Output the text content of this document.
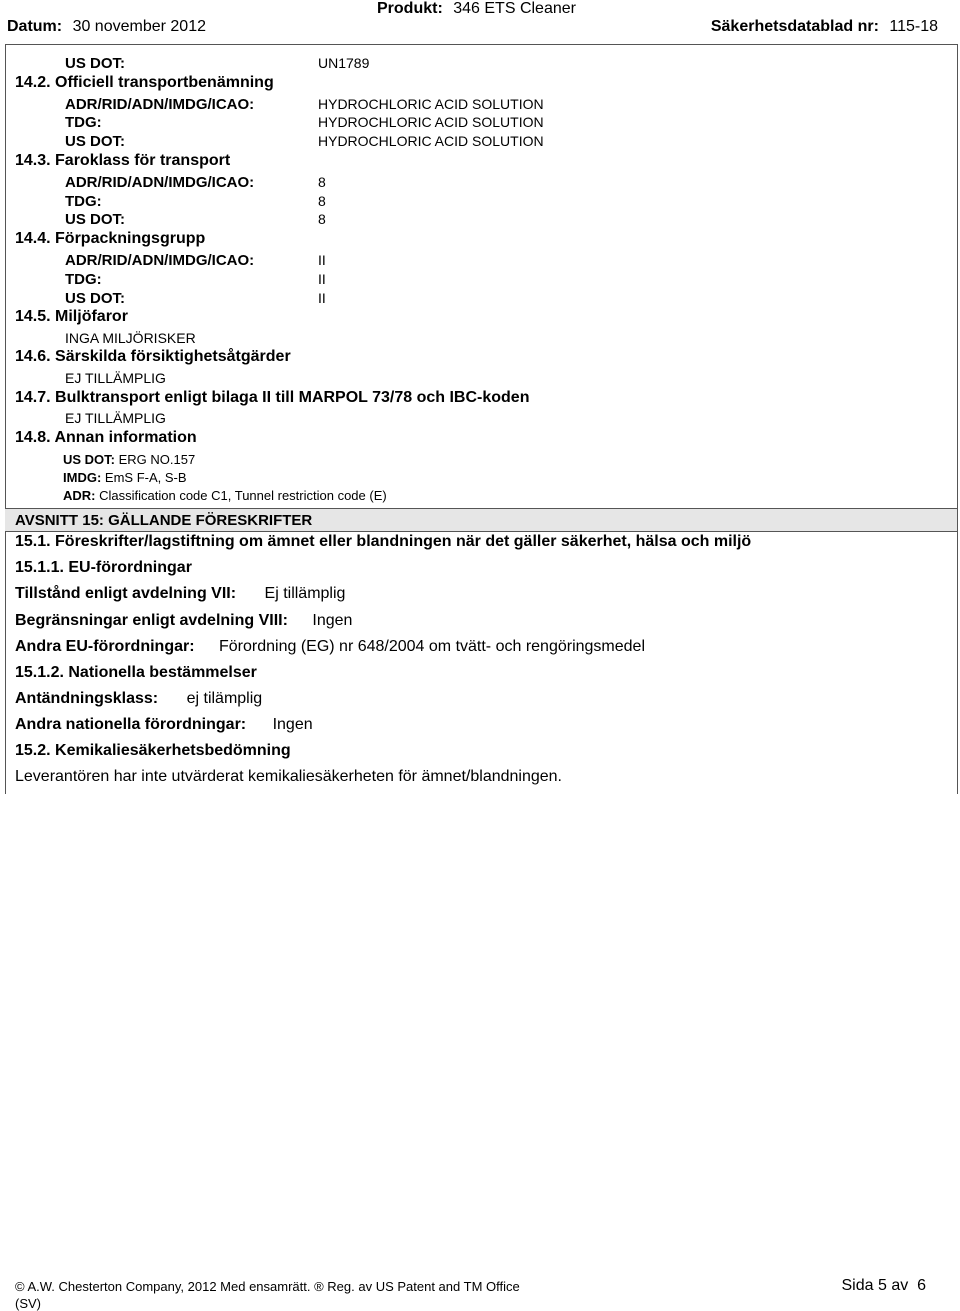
Datum: 30 november 2012
Produkt: 346 ETS Cleaner
Säkerhetsdatablad nr: 115-18
US DOT:	UN1789
14.2. Officiell transportbenämning
ADR/RID/ADN/IMDG/ICAO:	HYDROCHLORIC ACID SOLUTION
TDG:	HYDROCHLORIC ACID SOLUTION
US DOT:	HYDROCHLORIC ACID SOLUTION
14.3. Faroklass för transport
ADR/RID/ADN/IMDG/ICAO:	8
TDG:	8
US DOT:	8
14.4. Förpackningsgrupp
ADR/RID/ADN/IMDG/ICAO:	II
TDG:	II
US DOT:	II
14.5. Miljöfaror
INGA MILJÖRISKER
14.6. Särskilda försiktighetsåtgärder
EJ TILLÄMPLIG
14.7. Bulktransport enligt bilaga II till MARPOL 73/78 och IBC-koden
EJ TILLÄMPLIG
14.8. Annan information
US DOT: ERG NO.157
IMDG: EmS F-A, S-B
ADR: Classification code C1, Tunnel restriction code (E)
AVSNITT 15: GÄLLANDE FÖRESKRIFTER
15.1. Föreskrifter/lagstiftning om ämnet eller blandningen när det gäller säkerhet, hälsa och miljö
15.1.1. EU-förordningar
Tillstånd enligt avdelning VII: Ej tillämplig
Begränsningar enligt avdelning VIII: Ingen
Andra EU-förordningar: Förordning (EG) nr 648/2004 om tvätt- och rengöringsmedel
15.1.2. Nationella bestämmelser
Antändningsklass: ej tilämplig
Andra nationella förordningar: Ingen
15.2. Kemikaliesäkerhetsbedömning
Leverantören har inte utvärderat kemikaliesäkerheten för ämnet/blandningen.
© A.W. Chesterton Company, 2012 Med ensamrätt. ® Reg. av US Patent and TM Office
(SV)
Sida 5 av  6
